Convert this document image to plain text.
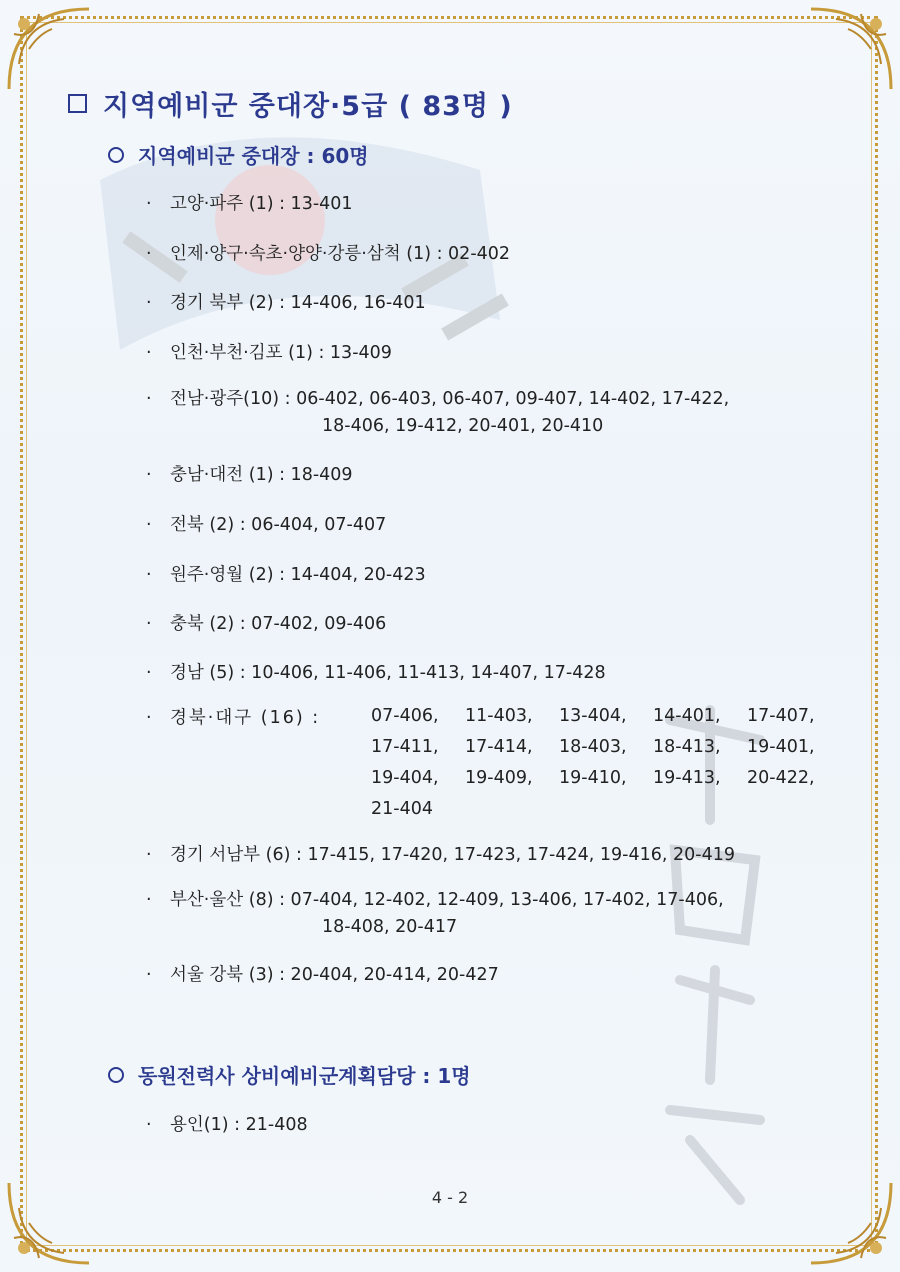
지역예비군 중대장·5급 ( 83명 )
지역예비군 중대장 : 60명
· 고양·파주 (1) : 13-401
· 인제·양구·속초·양양·강릉·삼척 (1) : 02-402
· 경기 북부 (2) : 14-406, 16-401
· 인천·부천·김포 (1) : 13-409
· 전남·광주(10) : 06-402, 06-403, 06-407, 09-407, 14-402, 17-422,
18-406, 19-412, 20-401, 20-410
· 충남·대전 (1) : 18-409
· 전북 (2) : 06-404, 07-407
· 원주·영월 (2) : 14-404, 20-423
· 충북 (2) : 07-402, 09-406
· 경남 (5) : 10-406, 11-406, 11-413, 14-407, 17-428
· 경북·대구 (16) :	07-406,	11-403,	13-404,	14-401,	17-407,
17-411,	17-414,	18-403,	18-413,	19-401,
19-404,	19-409,	19-410,	19-413,	20-422,
21-404
· 경기 서남부 (6) : 17-415, 17-420, 17-423, 17-424, 19-416, 20-419
· 부산·울산 (8) : 07-404, 12-402, 12-409, 13-406, 17-402, 17-406,
18-408, 20-417
· 서울 강북 (3) : 20-404, 20-414, 20-427
동원전력사 상비예비군계획담당 : 1명
· 용인(1) : 21-408
4 - 2
